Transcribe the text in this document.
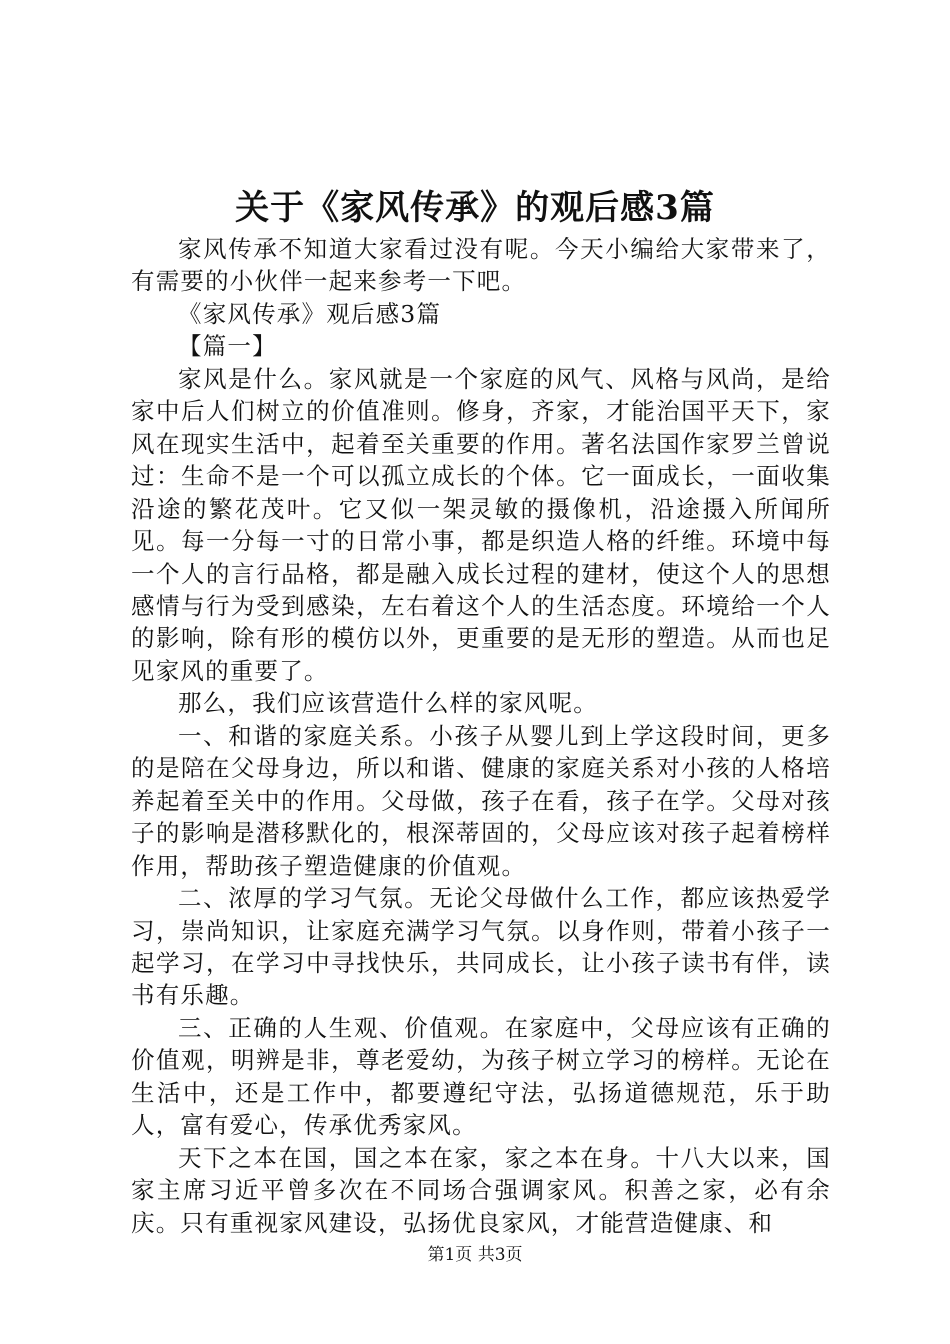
关于《家风传承》的观后感3篇

家风传承不知道大家看过没有呢。今天小编给大家带来了，有需要的小伙伴一起来参考一下吧。

《家风传承》观后感3篇

【篇一】

家风是什么。家风就是一个家庭的风气、风格与风尚，是给家中后人们树立的价值准则。修身，齐家，才能治国平天下，家风在现实生活中，起着至关重要的作用。著名法国作家罗兰曾说过：生命不是一个可以孤立成长的个体。它一面成长，一面收集沿途的繁花茂叶。它又似一架灵敏的摄像机，沿途摄入所闻所见。每一分每一寸的日常小事，都是织造人格的纤维。环境中每一个人的言行品格，都是融入成长过程的建材，使这个人的思想感情与行为受到感染，左右着这个人的生活态度。环境给一个人的影响，除有形的模仿以外，更重要的是无形的塑造。从而也足见家风的重要了。

那么，我们应该营造什么样的家风呢。

一、和谐的家庭关系。小孩子从婴儿到上学这段时间，更多的是陪在父母身边，所以和谐、健康的家庭关系对小孩的人格培养起着至关中的作用。父母做，孩子在看，孩子在学。父母对孩子的影响是潜移默化的，根深蒂固的，父母应该对孩子起着榜样作用，帮助孩子塑造健康的价值观。

二、浓厚的学习气氛。无论父母做什么工作，都应该热爱学习，崇尚知识，让家庭充满学习气氛。以身作则，带着小孩子一起学习，在学习中寻找快乐，共同成长，让小孩子读书有伴，读书有乐趣。

三、正确的人生观、价值观。在家庭中，父母应该有正确的价值观，明辨是非，尊老爱幼，为孩子树立学习的榜样。无论在生活中，还是工作中，都要遵纪守法，弘扬道德规范，乐于助人，富有爱心，传承优秀家风。

天下之本在国，国之本在家，家之本在身。十八大以来，国家主席习近平曾多次在不同场合强调家风。积善之家，必有余庆。只有重视家风建设，弘扬优良家风，才能营造健康、和

第1页 共3页
